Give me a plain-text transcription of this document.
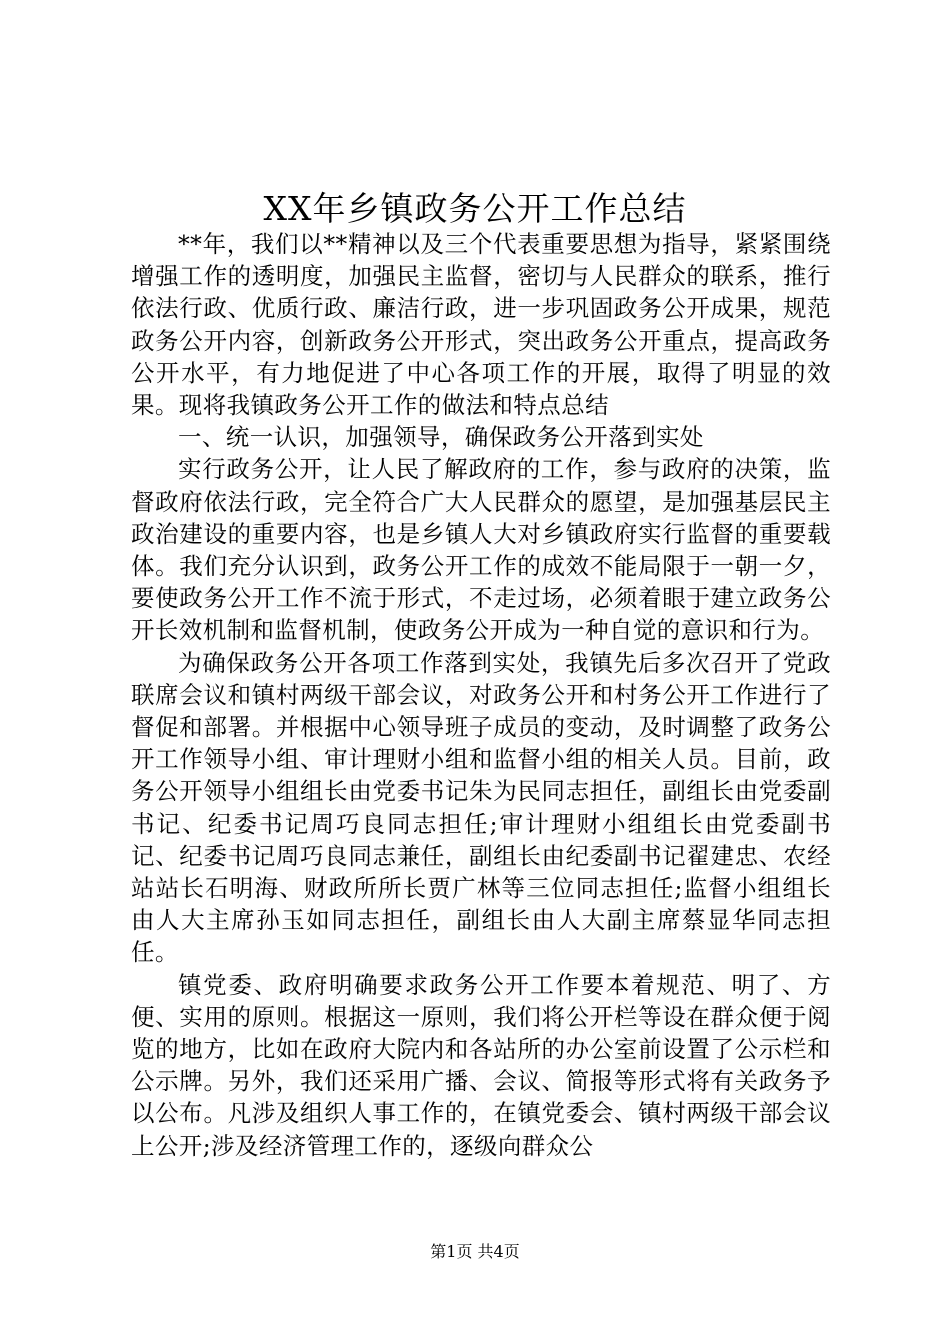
XX年乡镇政务公开工作总结

**年，我们以**精神以及三个代表重要思想为指导，紧紧围绕增强工作的透明度，加强民主监督，密切与人民群众的联系，推行依法行政、优质行政、廉洁行政，进一步巩固政务公开成果，规范政务公开内容，创新政务公开形式，突出政务公开重点，提高政务公开水平，有力地促进了中心各项工作的开展，取得了明显的效果。现将我镇政务公开工作的做法和特点总结

一、统一认识，加强领导，确保政务公开落到实处

实行政务公开，让人民了解政府的工作，参与政府的决策，监督政府依法行政，完全符合广大人民群众的愿望，是加强基层民主政治建设的重要内容，也是乡镇人大对乡镇政府实行监督的重要载体。我们充分认识到，政务公开工作的成效不能局限于一朝一夕，要使政务公开工作不流于形式，不走过场，必须着眼于建立政务公开长效机制和监督机制，使政务公开成为一种自觉的意识和行为。

为确保政务公开各项工作落到实处，我镇先后多次召开了党政联席会议和镇村两级干部会议，对政务公开和村务公开工作进行了督促和部署。并根据中心领导班子成员的变动，及时调整了政务公开工作领导小组、审计理财小组和监督小组的相关人员。目前，政务公开领导小组组长由党委书记朱为民同志担任，副组长由党委副书记、纪委书记周巧良同志担任;审计理财小组组长由党委副书记、纪委书记周巧良同志兼任，副组长由纪委副书记翟建忠、农经站站长石明海、财政所所长贾广林等三位同志担任;监督小组组长由人大主席孙玉如同志担任，副组长由人大副主席蔡显华同志担任。

镇党委、政府明确要求政务公开工作要本着规范、明了、方便、实用的原则。根据这一原则，我们将公开栏等设在群众便于阅览的地方，比如在政府大院内和各站所的办公室前设置了公示栏和公示牌。另外，我们还采用广播、会议、简报等形式将有关政务予以公布。凡涉及组织人事工作的，在镇党委会、镇村两级干部会议上公开;涉及经济管理工作的，逐级向群众公

第1页 共4页
